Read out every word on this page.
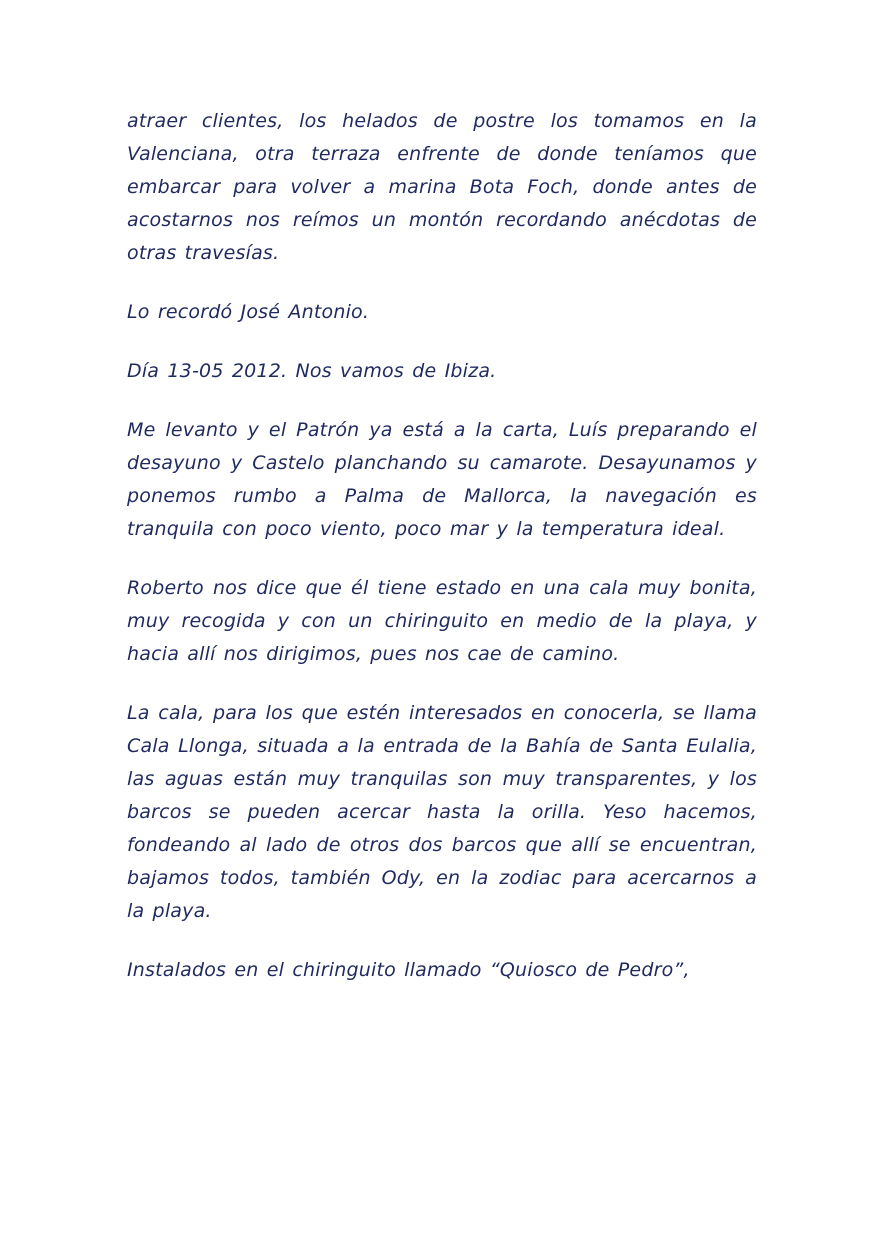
atraer clientes, los helados de postre los tomamos en la Valenciana, otra terraza enfrente de donde teníamos que embarcar para volver a marina Bota Foch, donde antes de acostarnos nos reímos un montón recordando anécdotas de otras travesías.

Lo recordó José Antonio.

Día 13-05 2012. Nos vamos de Ibiza.

Me levanto y el Patrón ya está a la carta, Luís preparando el desayuno y Castelo planchando su camarote. Desayunamos y ponemos rumbo a Palma de Mallorca, la navegación es tranquila con poco viento, poco mar y la temperatura ideal.

Roberto nos dice que él tiene estado en una cala muy bonita, muy recogida y con un chiringuito en medio de la playa, y hacia allí nos dirigimos, pues nos cae de camino.

La cala, para los que estén interesados en conocerla, se llama Cala Llonga, situada a la entrada de la Bahía de Santa Eulalia, las aguas están muy tranquilas son muy transparentes, y los barcos se pueden acercar hasta la orilla. Yeso hacemos, fondeando al lado de otros dos barcos que allí se encuentran, bajamos todos, también Ody, en la zodiac para acercarnos a la playa.

Instalados en el chiringuito llamado “Quiosco de Pedro”,
